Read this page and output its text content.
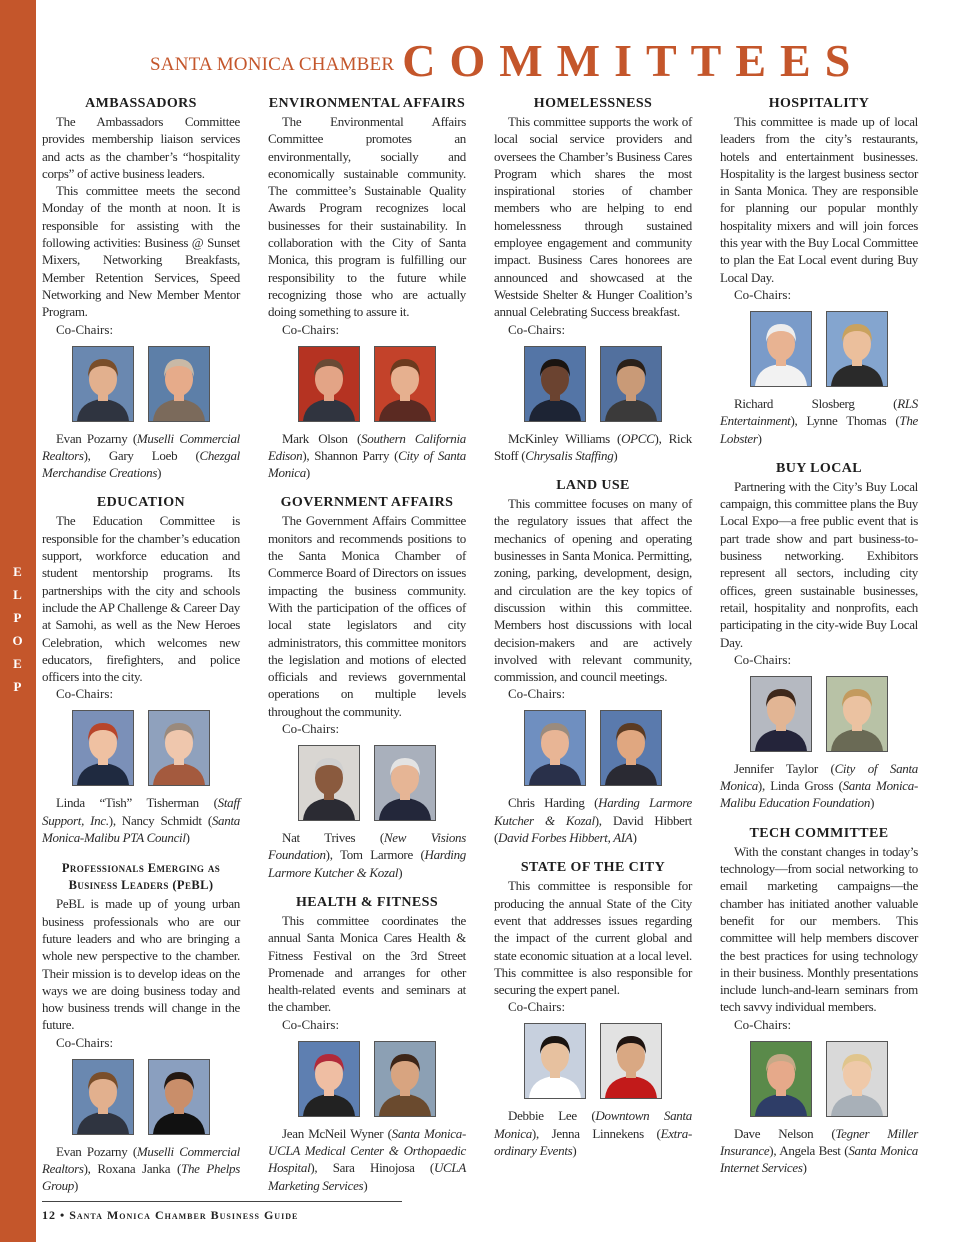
E
L
P
O
E
P
SANTA MONICA CHAMBER COMMITTEES
AMBASSADORS

The Ambassadors Committee provides membership liaison services and acts as the chamber’s “hospitality corps” of active business leaders.

This committee meets the second Monday of the month at noon. It is responsible for assisting with the following activities: Business @ Sunset Mixers, Networking Breakfasts, Member Retention Services, Speed Networking and New Member Mentor Program.

Co-Chairs:

Evan Pozarny (Muselli Commercial Realtors), Gary Loeb (Chezgal Merchandise Creations)

EDUCATION

The Education Committee is responsible for the chamber’s education support, workforce education and student mentorship programs. Its partnerships with the city and schools include the AP Challenge & Career Day at Samohi, as well as the New Heroes Celebration, which welcomes new educators, firefighters, and police officers into the city.

Co-Chairs:

Linda “Tish” Tisherman (Staff Support, Inc.), Nancy Schmidt (Santa Monica-Malibu PTA Council)

Professionals Emerging as Business Leaders (PeBL)

PeBL is made up of young urban business professionals who are our future leaders and who are bringing a whole new perspective to the chamber. Their mission is to develop ideas on the ways we are doing business today and how business trends will change in the future.

Co-Chairs:

Evan Pozarny (Muselli Commercial Realtors), Roxana Janka (The Phelps Group)

ENVIRONMENTAL AFFAIRS

The Environmental Affairs Committee promotes an environmentally, socially and economically sustainable community. The committee’s Sustainable Quality Awards Program recognizes local businesses for their sustainability. In collaboration with the City of Santa Monica, this program is fulfilling our responsibility to the future while recognizing those who are actually doing something to assure it.

Co-Chairs:

Mark Olson (Southern California Edison), Shannon Parry (City of Santa Monica)

GOVERNMENT AFFAIRS

The Government Affairs Committee monitors and recommends positions to the Santa Monica Chamber of Commerce Board of Directors on issues impacting the business community. With the participation of the offices of local state legislators and city administrators, this committee monitors the legislation and motions of elected officials and reviews governmental operations on multiple levels throughout the community.

Co-Chairs:

Nat Trives (New Visions Foundation), Tom Larmore (Harding Larmore Kutcher & Kozal)

HEALTH & FITNESS

This committee coordinates the annual Santa Monica Cares Health & Fitness Festival on the 3rd Street Promenade and arranges for other health-related events and seminars at the chamber.

Co-Chairs:

Jean McNeil Wyner (Santa Monica-UCLA Medical Center & Orthopaedic Hospital), Sara Hinojosa (UCLA Marketing Services)

HOMELESSNESS

This committee supports the work of local social service providers and oversees the Chamber’s Business Cares Program which shares the most inspirational stories of chamber members who are helping to end homelessness through sustained employee engagement and community impact. Business Cares honorees are announced and showcased at the Westside Shelter & Hunger Coalition’s annual Celebrating Success breakfast.

Co-Chairs:

McKinley Williams (OPCC), Rick Stoff (Chrysalis Staffing)

LAND USE

This committee focuses on many of the regulatory issues that affect the mechanics of opening and operating businesses in Santa Monica. Permitting, zoning, parking, development, design, and circulation are the key topics of discussion within this committee. Members host discussions with local decision-makers and are actively involved with relevant community, commission, and council meetings.

Co-Chairs:

Chris Harding (Harding Larmore Kutcher & Kozal), David Hibbert (David Forbes Hibbert, AIA)

STATE OF THE CITY

This committee is responsible for producing the annual State of the City event that addresses issues regarding the impact of the current global and state economic situation at a local level. This committee is also responsible for securing the expert panel.

Co-Chairs:

Debbie Lee (Downtown Santa Monica), Jenna Linnekens (Extra-ordinary Events)

HOSPITALITY

This committee is made up of local leaders from the city’s restaurants, hotels and entertainment businesses. Hospitality is the largest business sector in Santa Monica. They are responsible for planning our popular monthly hospitality mixers and will join forces this year with the Buy Local Committee to plan the Eat Local event during Buy Local Day.

Co-Chairs:

Richard Slosberg (RLS Entertainment), Lynne Thomas (The Lobster)

BUY LOCAL

Partnering with the City’s Buy Local campaign, this committee plans the Buy Local Expo—a free public event that is part trade show and part business-to-business networking. Exhibitors represent all sectors, including city offices, green sustainable businesses, retail, hospitality and nonprofits, each participating in the city-wide Buy Local Day.

Co-Chairs:

Jennifer Taylor (City of Santa Monica), Linda Gross (Santa Monica-Malibu Education Foundation)

TECH COMMITTEE

With the constant changes in today’s technology—from social networking to email marketing campaigns—the chamber has initiated another valuable benefit for our members. This committee will help members discover the best practices for using technology in their business. Monthly presentations include lunch-and-learn seminars from tech savvy individual members.

Co-Chairs:

Dave Nelson (Tegner Miller Insurance), Angela Best (Santa Monica Internet Services)

12 • Santa Monica Chamber Business Guide
